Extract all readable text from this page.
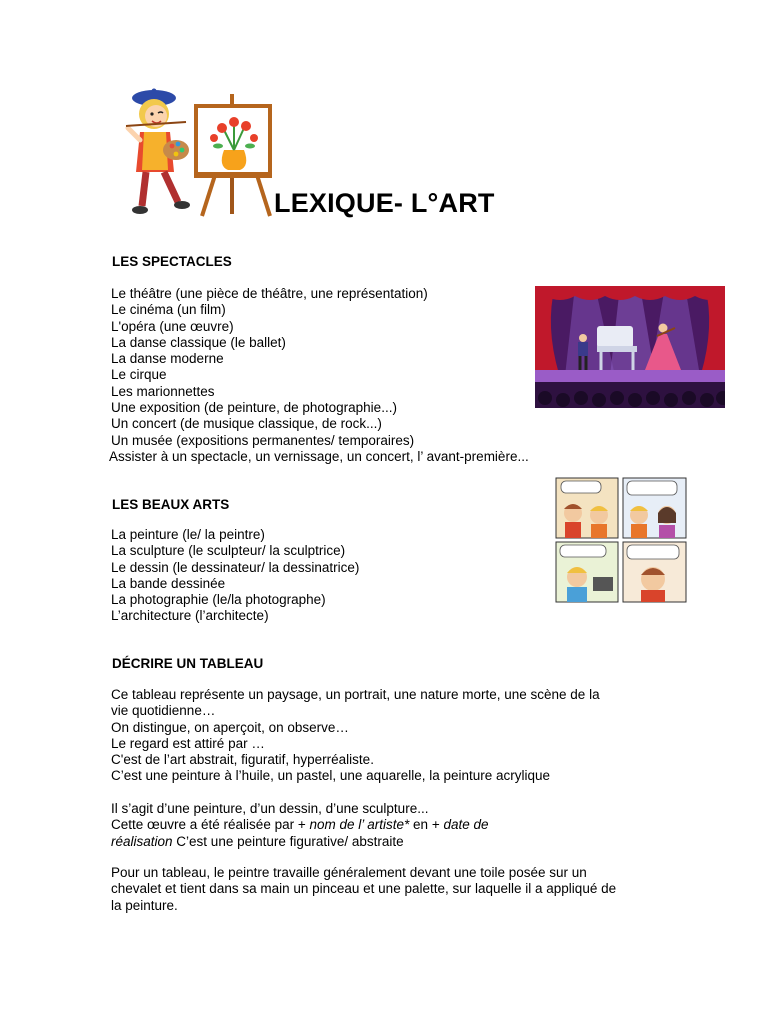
LEXIQUE- L°ART
LES SPECTACLES
Le théâtre (une pièce de théâtre, une représentation)
Le cinéma (un film)
L'opéra (une œuvre)
La danse classique (le ballet)
La danse moderne
Le cirque
Les marionnettes
Une exposition (de peinture, de photographie...)
Un concert (de musique classique, de rock...)
Un musée (expositions permanentes/ temporaires)
Assister à un spectacle, un vernissage, un concert, l’ avant-première...
LES BEAUX ARTS
La peinture (le/ la peintre)
La sculpture (le sculpteur/ la sculptrice)
Le dessin (le dessinateur/ la dessinatrice)
La bande dessinée
La photographie (le/la photographe)
L’architecture (l’architecte)
DÉCRIRE UN TABLEAU
Ce tableau représente un paysage, un portrait, une nature morte, une scène de la
vie quotidienne…
On distingue, on aperçoit, on observe…
Le regard est attiré par …
C'est de l’art abstrait, figuratif, hyperréaliste.
C’est une peinture à l’huile, un pastel, une aquarelle, la peinture acrylique
Il s’agit d’une peinture, d’un dessin, d’une sculpture...
Cette œuvre a été réalisée par + nom de l’ artiste* en + date de
réalisation C’est une peinture figurative/ abstraite
Pour un tableau, le peintre travaille généralement devant une toile posée sur un
chevalet et tient dans sa main un pinceau et une palette, sur laquelle il a appliqué de
la peinture.
